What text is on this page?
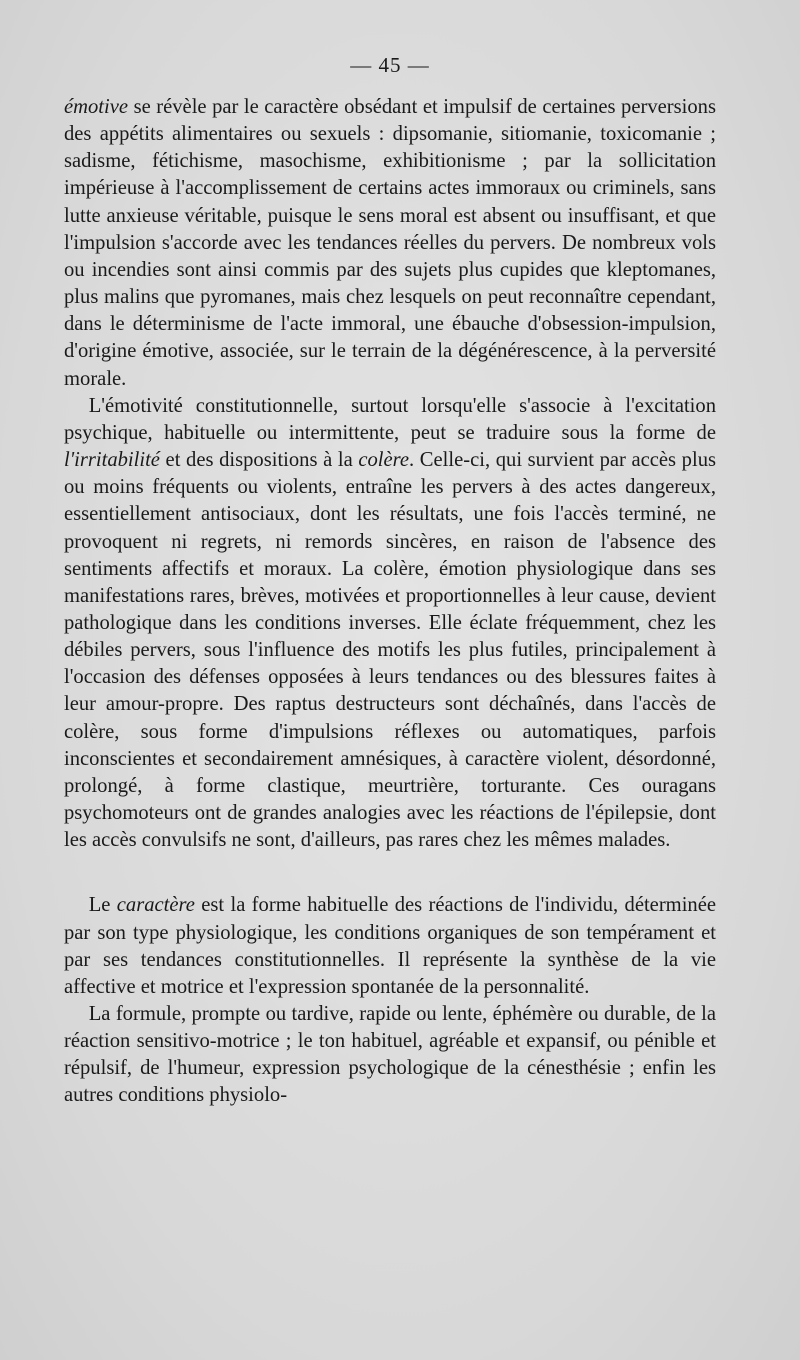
— 45 —

émotive se révèle par le caractère obsédant et impulsif de certaines perversions des appétits alimentaires ou sexuels : dipsomanie, sitiomanie, toxicomanie ; sadisme, fétichisme, masochisme, exhibitionisme ; par la sollicitation impérieuse à l'accomplissement de certains actes immoraux ou criminels, sans lutte anxieuse véritable, puisque le sens moral est absent ou insuffisant, et que l'impulsion s'accorde avec les tendances réelles du pervers. De nombreux vols ou incendies sont ainsi commis par des sujets plus cupides que kleptomanes, plus malins que pyromanes, mais chez lesquels on peut reconnaître cependant, dans le déterminisme de l'acte immoral, une ébauche d'obsession-impulsion, d'origine émotive, associée, sur le terrain de la dégénérescence, à la perversité morale.

L'émotivité constitutionnelle, surtout lorsqu'elle s'associe à l'excitation psychique, habituelle ou intermittente, peut se traduire sous la forme de l'irritabilité et des dispositions à la colère. Celle-ci, qui survient par accès plus ou moins fréquents ou violents, entraîne les pervers à des actes dangereux, essentiellement antisociaux, dont les résultats, une fois l'accès terminé, ne provoquent ni regrets, ni remords sincères, en raison de l'absence des sentiments affectifs et moraux. La colère, émotion physiologique dans ses manifestations rares, brèves, motivées et proportionnelles à leur cause, devient pathologique dans les conditions inverses. Elle éclate fréquemment, chez les débiles pervers, sous l'influence des motifs les plus futiles, principalement à l'occasion des défenses opposées à leurs tendances ou des blessures faites à leur amour-propre. Des raptus destructeurs sont déchaînés, dans l'accès de colère, sous forme d'impulsions réflexes ou automatiques, parfois inconscientes et secondairement amnésiques, à caractère violent, désordonné, prolongé, à forme clastique, meurtrière, torturante. Ces ouragans psychomoteurs ont de grandes analogies avec les réactions de l'épilepsie, dont les accès convulsifs ne sont, d'ailleurs, pas rares chez les mêmes malades.

Le caractère est la forme habituelle des réactions de l'individu, déterminée par son type physiologique, les conditions organiques de son tempérament et par ses tendances constitutionnelles. Il représente la synthèse de la vie affective et motrice et l'expression spontanée de la personnalité.

La formule, prompte ou tardive, rapide ou lente, éphémère ou durable, de la réaction sensitivo-motrice ; le ton habituel, agréable et expansif, ou pénible et répulsif, de l'humeur, expression psychologique de la cénesthésie ; enfin les autres conditions physiolo-
